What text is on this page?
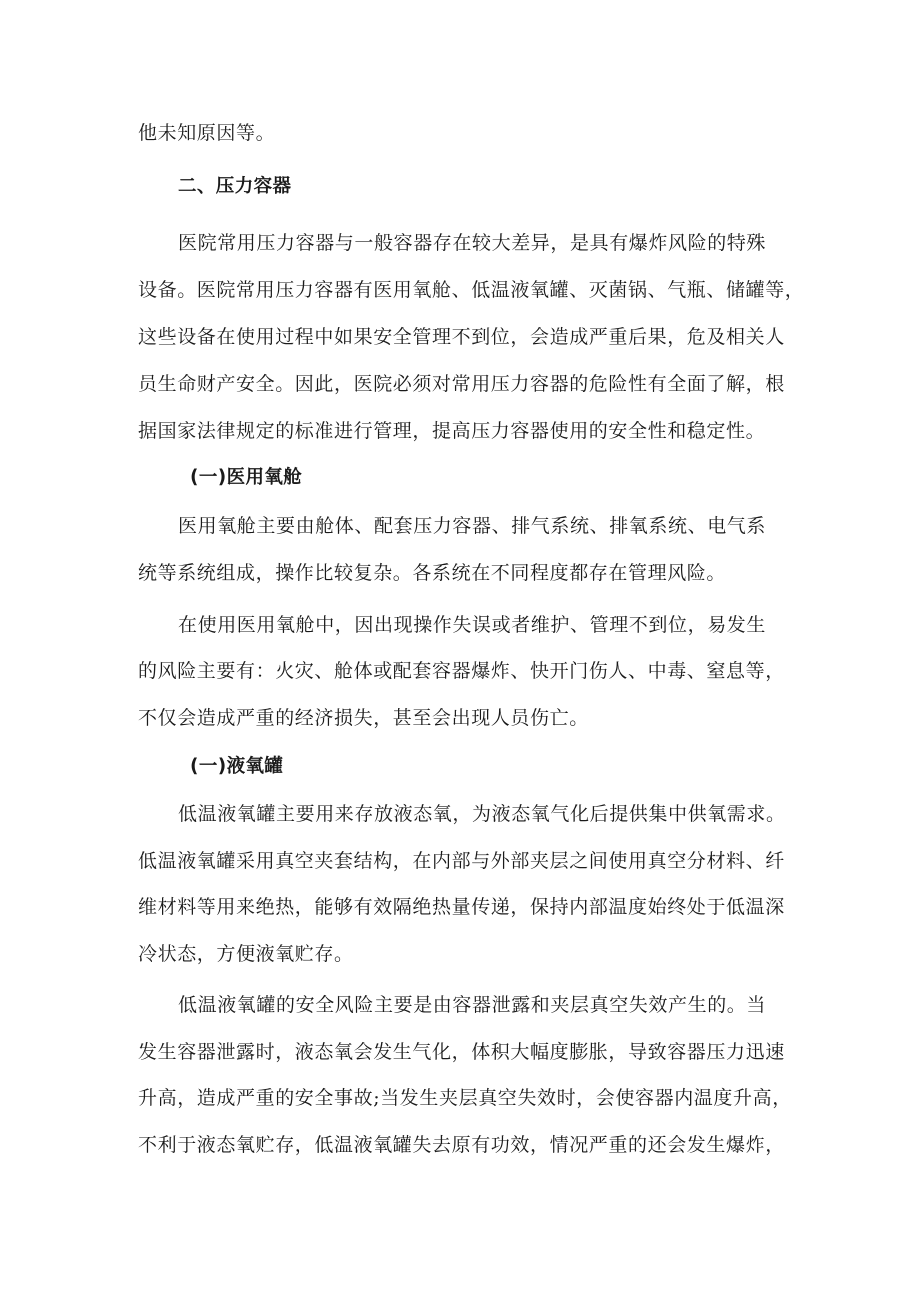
他未知原因等。
二、压力容器
医院常用压力容器与一般容器存在较大差异，是具有爆炸风险的特殊
设备。医院常用压力容器有医用氧舱、低温液氧罐、灭菌锅、气瓶、储罐等，
这些设备在使用过程中如果安全管理不到位，会造成严重后果，危及相关人
员生命财产安全。因此，医院必须对常用压力容器的危险性有全面了解，根
据国家法律规定的标准进行管理，提高压力容器使用的安全性和稳定性。
(一)医用氧舱
医用氧舱主要由舱体、配套压力容器、排气系统、排氧系统、电气系
统等系统组成，操作比较复杂。各系统在不同程度都存在管理风险。
在使用医用氧舱中，因出现操作失误或者维护、管理不到位，易发生
的风险主要有：火灾、舱体或配套容器爆炸、快开门伤人、中毒、窒息等，
不仅会造成严重的经济损失，甚至会出现人员伤亡。
(一)液氧罐
低温液氧罐主要用来存放液态氧，为液态氧气化后提供集中供氧需求。
低温液氧罐采用真空夹套结构，在内部与外部夹层之间使用真空分材料、纤
维材料等用来绝热，能够有效隔绝热量传递，保持内部温度始终处于低温深
冷状态，方便液氧贮存。
低温液氧罐的安全风险主要是由容器泄露和夹层真空失效产生的。当
发生容器泄露时，液态氧会发生气化，体积大幅度膨胀，导致容器压力迅速
升高，造成严重的安全事故;当发生夹层真空失效时，会使容器内温度升高，
不利于液态氧贮存，低温液氧罐失去原有功效，情况严重的还会发生爆炸，
